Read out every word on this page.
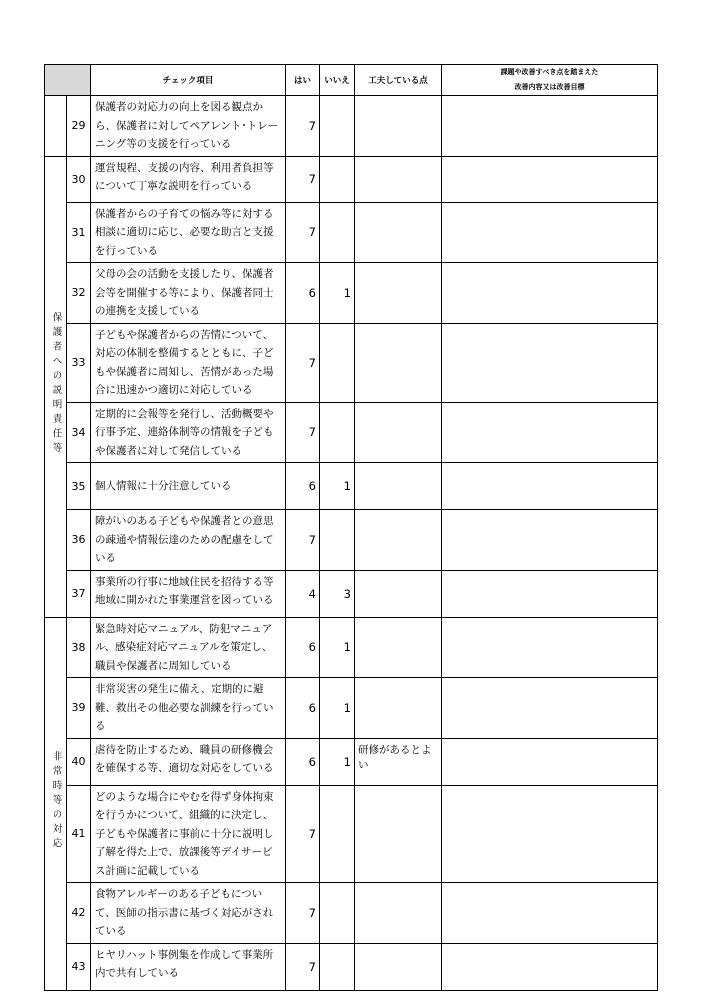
		チェック項目	はい	いいえ	工夫している点	課題や改善すべき点を踏まえた
改善内容又は改善目標

	29	保護者の対応力の向上を図る観点から、保護者に対してペアレント･トレーニング等の支援を行っている	7			
保護者への説明責任等	30	運営規程、支援の内容、利用者負担等について丁寧な説明を行っている	7			
	31	保護者からの子育ての悩み等に対する相談に適切に応じ、必要な助言と支援を行っている	7			
	32	父母の会の活動を支援したり、保護者会等を開催する等により、保護者同士の連携を支援している	6	1		
	33	子どもや保護者からの苦情について、対応の体制を整備するとともに、子どもや保護者に周知し、苦情があった場合に迅速かつ適切に対応している	7			
	34	定期的に会報等を発行し、活動概要や行事予定、連絡体制等の情報を子どもや保護者に対して発信している	7			
	35	個人情報に十分注意している	6	1		
	36	障がいのある子どもや保護者との意思の疎通や情報伝達のための配慮をしている	7			
	37	事業所の行事に地域住民を招待する等地域に開かれた事業運営を図っている	4	3		
非常時等の対応	38	緊急時対応マニュアル、防犯マニュアル、感染症対応マニュアルを策定し、職員や保護者に周知している	6	1		
	39	非常災害の発生に備え、定期的に避難、救出その他必要な訓練を行っている	6	1		
	40	虐待を防止するため、職員の研修機会を確保する等、適切な対応をしている	6	1	研修があるとよい	
	41	どのような場合にやむを得ず身体拘束を行うかについて、組織的に決定し、子どもや保護者に事前に十分に説明し了解を得た上で、放課後等デイサービス計画に記載している	7			
	42	食物アレルギーのある子どもについて、医師の指示書に基づく対応がされている	7			
	43	ヒヤリハット事例集を作成して事業所内で共有している	7			
